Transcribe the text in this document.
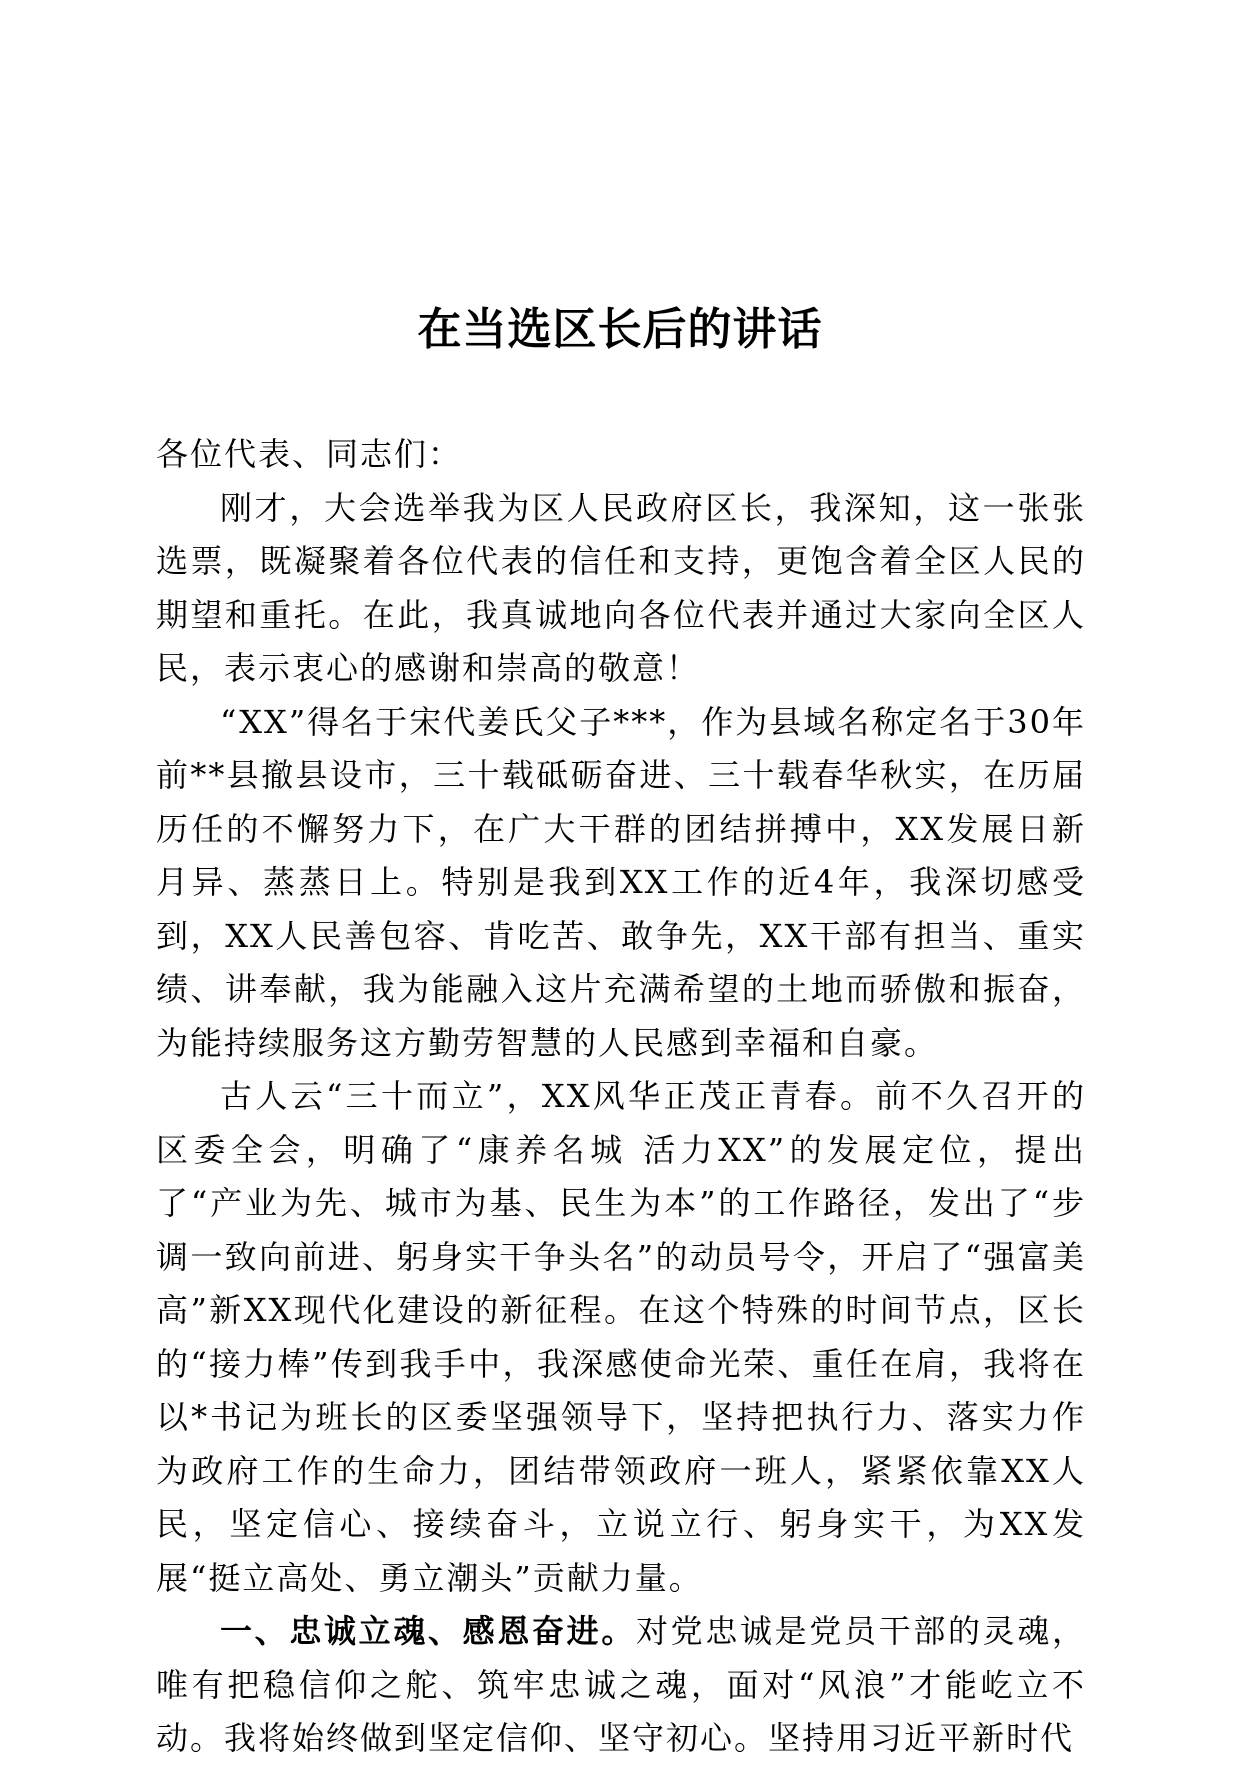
在当选区长后的讲话

各位代表、同志们：

刚才，大会选举我为区人民政府区长，我深知，这一张张选票，既凝聚着各位代表的信任和支持，更饱含着全区人民的期望和重托。在此，我真诚地向各位代表并通过大家向全区人民，表示衷心的感谢和崇高的敬意！

“XX”得名于宋代姜氏父子***，作为县域名称定名于30年前**县撤县设市，三十载砥砺奋进、三十载春华秋实，在历届历任的不懈努力下，在广大干群的团结拼搏中，XX发展日新月异、蒸蒸日上。特别是我到XX工作的近4年，我深切感受到，XX人民善包容、肯吃苦、敢争先，XX干部有担当、重实绩、讲奉献，我为能融入这片充满希望的土地而骄傲和振奋，为能持续服务这方勤劳智慧的人民感到幸福和自豪。

古人云“三十而立”，XX风华正茂正青春。前不久召开的区委全会，明确了“康养名城 活力XX”的发展定位，提出了“产业为先、城市为基、民生为本”的工作路径，发出了“步调一致向前进、躬身实干争头名”的动员号令，开启了“强富美高”新XX现代化建设的新征程。在这个特殊的时间节点，区长的“接力棒”传到我手中，我深感使命光荣、重任在肩，我将在以*书记为班长的区委坚强领导下，坚持把执行力、落实力作为政府工作的生命力，团结带领政府一班人，紧紧依靠XX人民，坚定信心、接续奋斗，立说立行、躬身实干，为XX发展“挺立高处、勇立潮头”贡献力量。

一、忠诚立魂、感恩奋进。对党忠诚是党员干部的灵魂，唯有把稳信仰之舵、筑牢忠诚之魂，面对“风浪”才能屹立不动。我将始终做到坚定信仰、坚守初心。坚持用习近平新时代
